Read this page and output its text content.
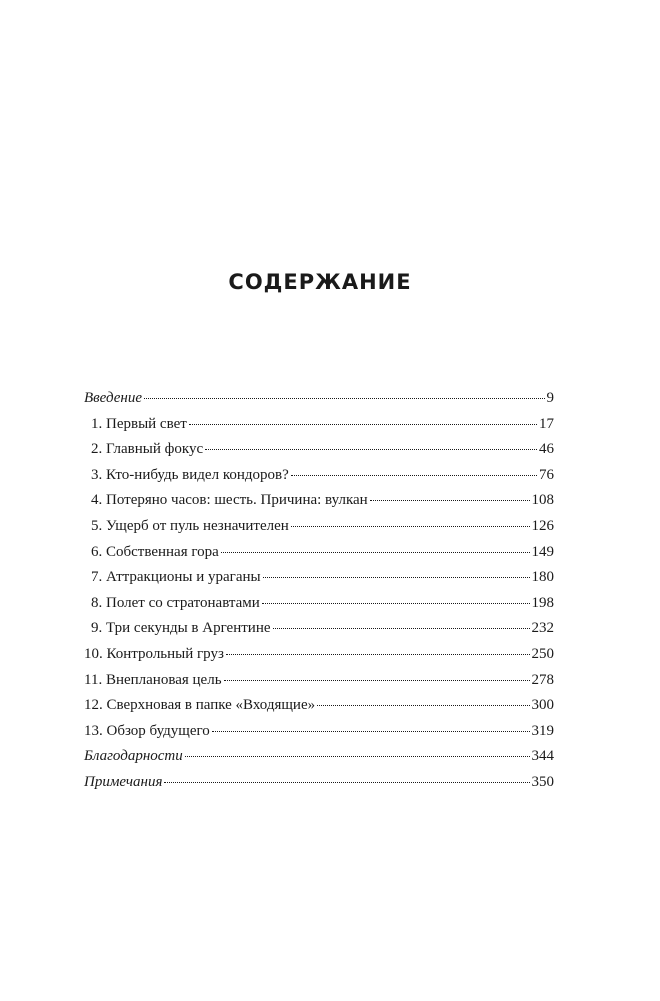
СОДЕРЖАНИЕ
Введение	9
1. Первый свет	17
2. Главный фокус	46
3. Кто-нибудь видел кондоров?	76
4. Потеряно часов: шесть. Причина: вулкан	108
5. Ущерб от пуль незначителен	126
6. Собственная гора	149
7. Аттракционы и ураганы	180
8. Полет со стратонавтами	198
9. Три секунды в Аргентине	232
10. Контрольный груз	250
11. Внеплановая цель	278
12. Сверхновая в папке «Входящие»	300
13. Обзор будущего	319
Благодарности	344
Примечания	350
